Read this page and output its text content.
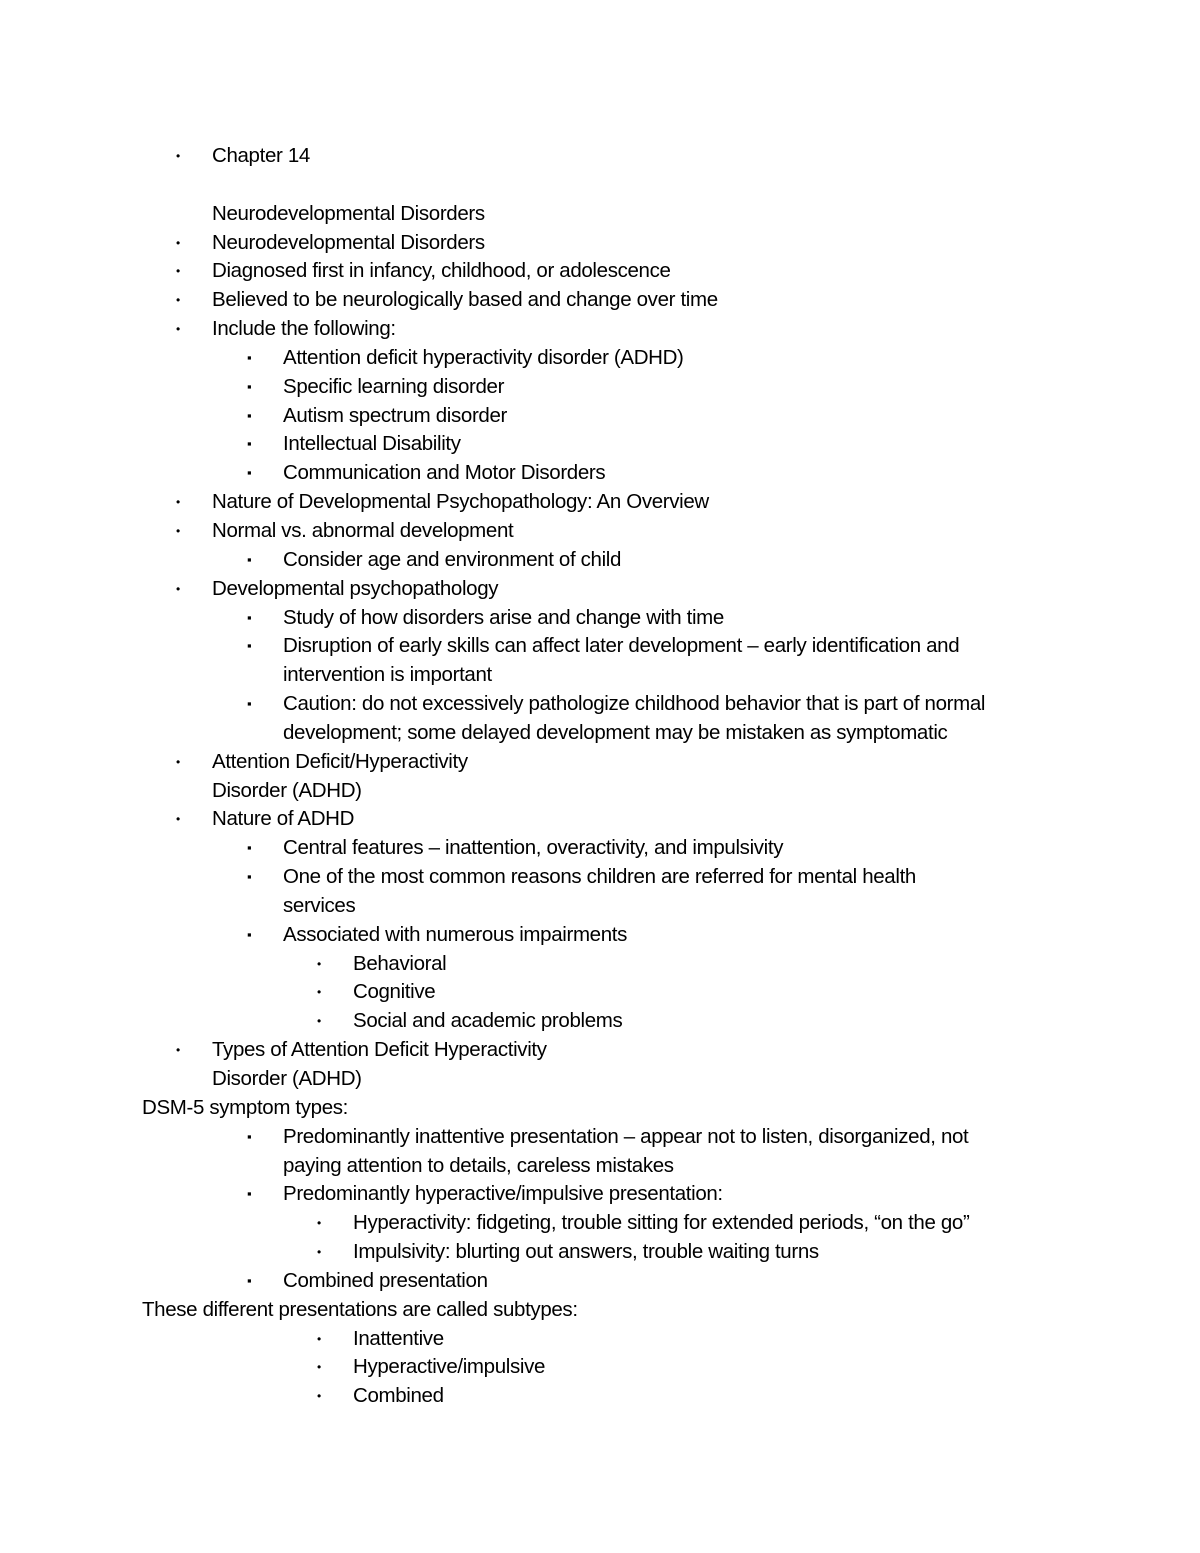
• Chapter 14

Neurodevelopmental Disorders
• Neurodevelopmental Disorders
• Diagnosed first in infancy, childhood, or adolescence
• Believed to be neurologically based and change over time
• Include the following:
▪ Attention deficit hyperactivity disorder (ADHD)
▪ Specific learning disorder
▪ Autism spectrum disorder
▪ Intellectual Disability
▪ Communication and Motor Disorders
• Nature of Developmental Psychopathology: An Overview
• Normal vs. abnormal development
▪ Consider age and environment of child
• Developmental psychopathology
▪ Study of how disorders arise and change with time
▪ Disruption of early skills can affect later development – early identification and
intervention is important
▪ Caution: do not excessively pathologize childhood behavior that is part of normal
development; some delayed development may be mistaken as symptomatic
• Attention Deficit/Hyperactivity
Disorder (ADHD)
• Nature of ADHD
▪ Central features – inattention, overactivity, and impulsivity
▪ One of the most common reasons children are referred for mental health
services
▪ Associated with numerous impairments
• Behavioral
• Cognitive
• Social and academic problems
• Types of Attention Deficit Hyperactivity
Disorder (ADHD)
DSM-5 symptom types:
▪ Predominantly inattentive presentation – appear not to listen, disorganized, not
paying attention to details, careless mistakes
▪ Predominantly hyperactive/impulsive presentation:
• Hyperactivity: fidgeting, trouble sitting for extended periods, “on the go”
• Impulsivity: blurting out answers, trouble waiting turns
▪ Combined presentation
These different presentations are called subtypes:
• Inattentive
• Hyperactive/impulsive
• Combined
